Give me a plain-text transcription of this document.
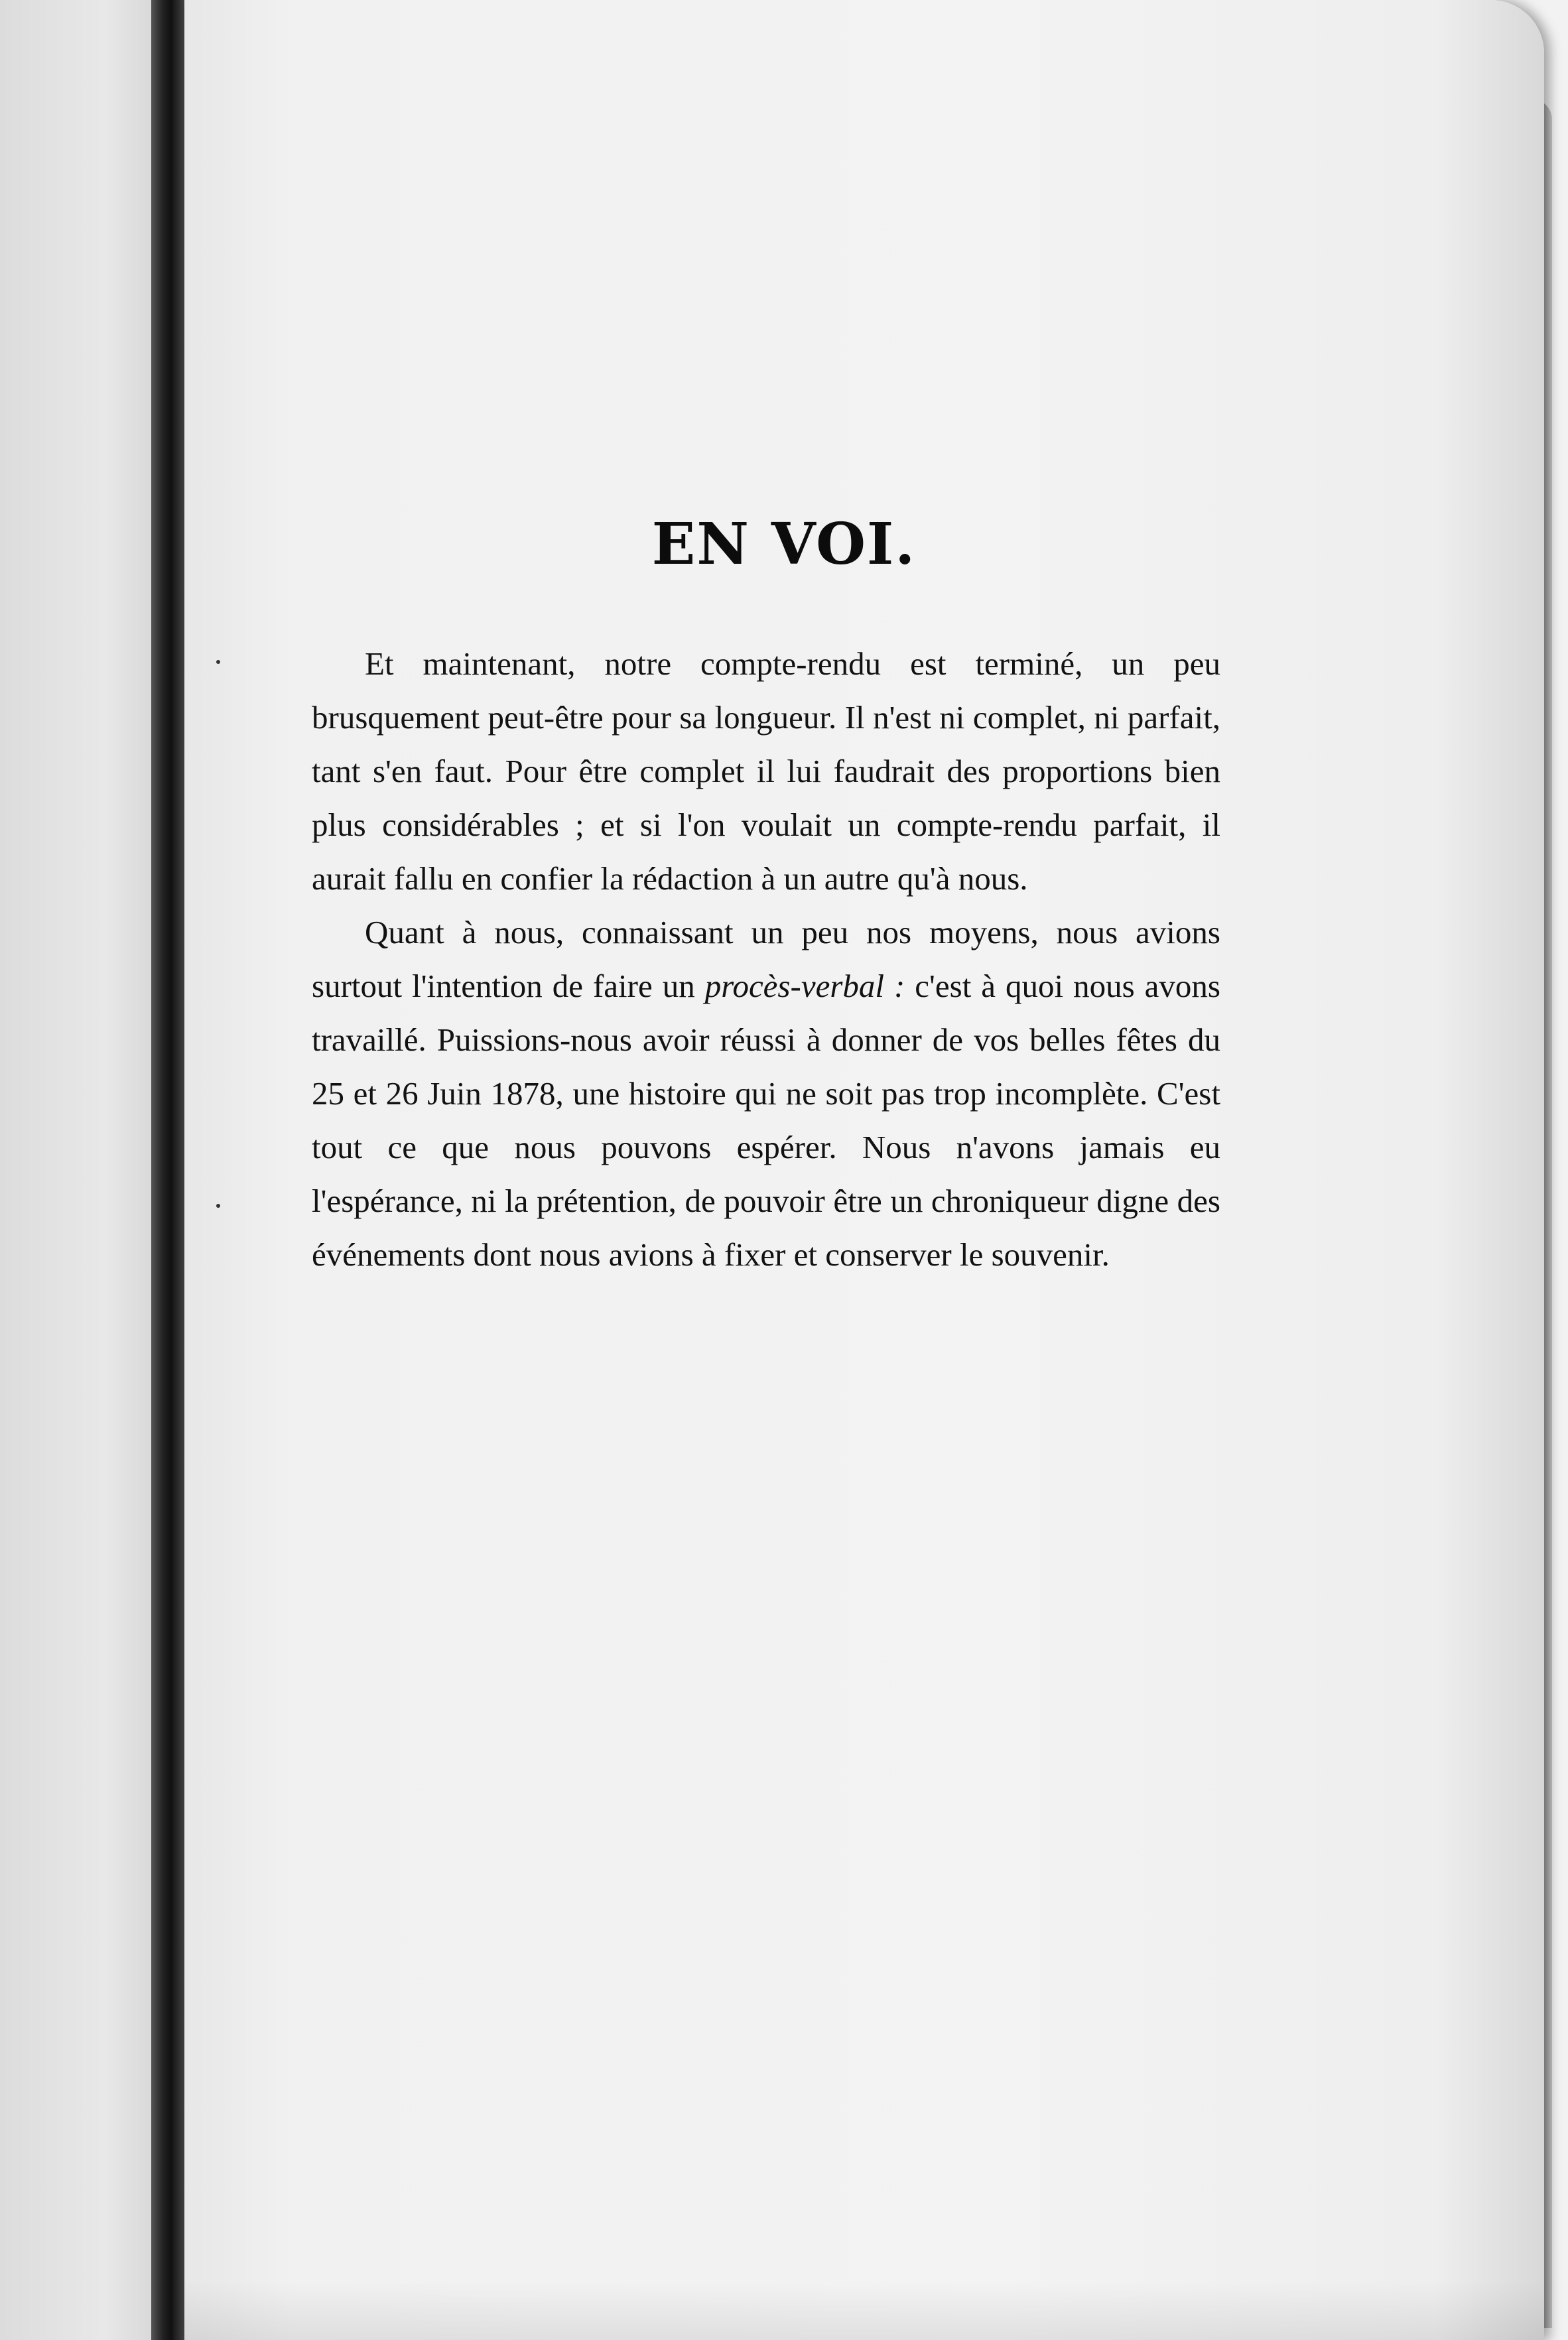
EN VOI.

Et maintenant, notre compte-rendu est terminé, un peu brusquement peut-être pour sa longueur. Il n'est ni complet, ni parfait, tant s'en faut. Pour être complet il lui faudrait des proportions bien plus considérables ; et si l'on voulait un compte-rendu parfait, il aurait fallu en confier la rédaction à un autre qu'à nous.

Quant à nous, connaissant un peu nos moyens, nous avions surtout l'intention de faire un procès-verbal : c'est à quoi nous avons travaillé. Puissions-nous avoir réussi à donner de vos belles fêtes du 25 et 26 Juin 1878, une histoire qui ne soit pas trop incomplète. C'est tout ce que nous pouvons espérer. Nous n'avons jamais eu l'espérance, ni la prétention, de pouvoir être un chroniqueur digne des événements dont nous avions à fixer et conserver le souvenir.
